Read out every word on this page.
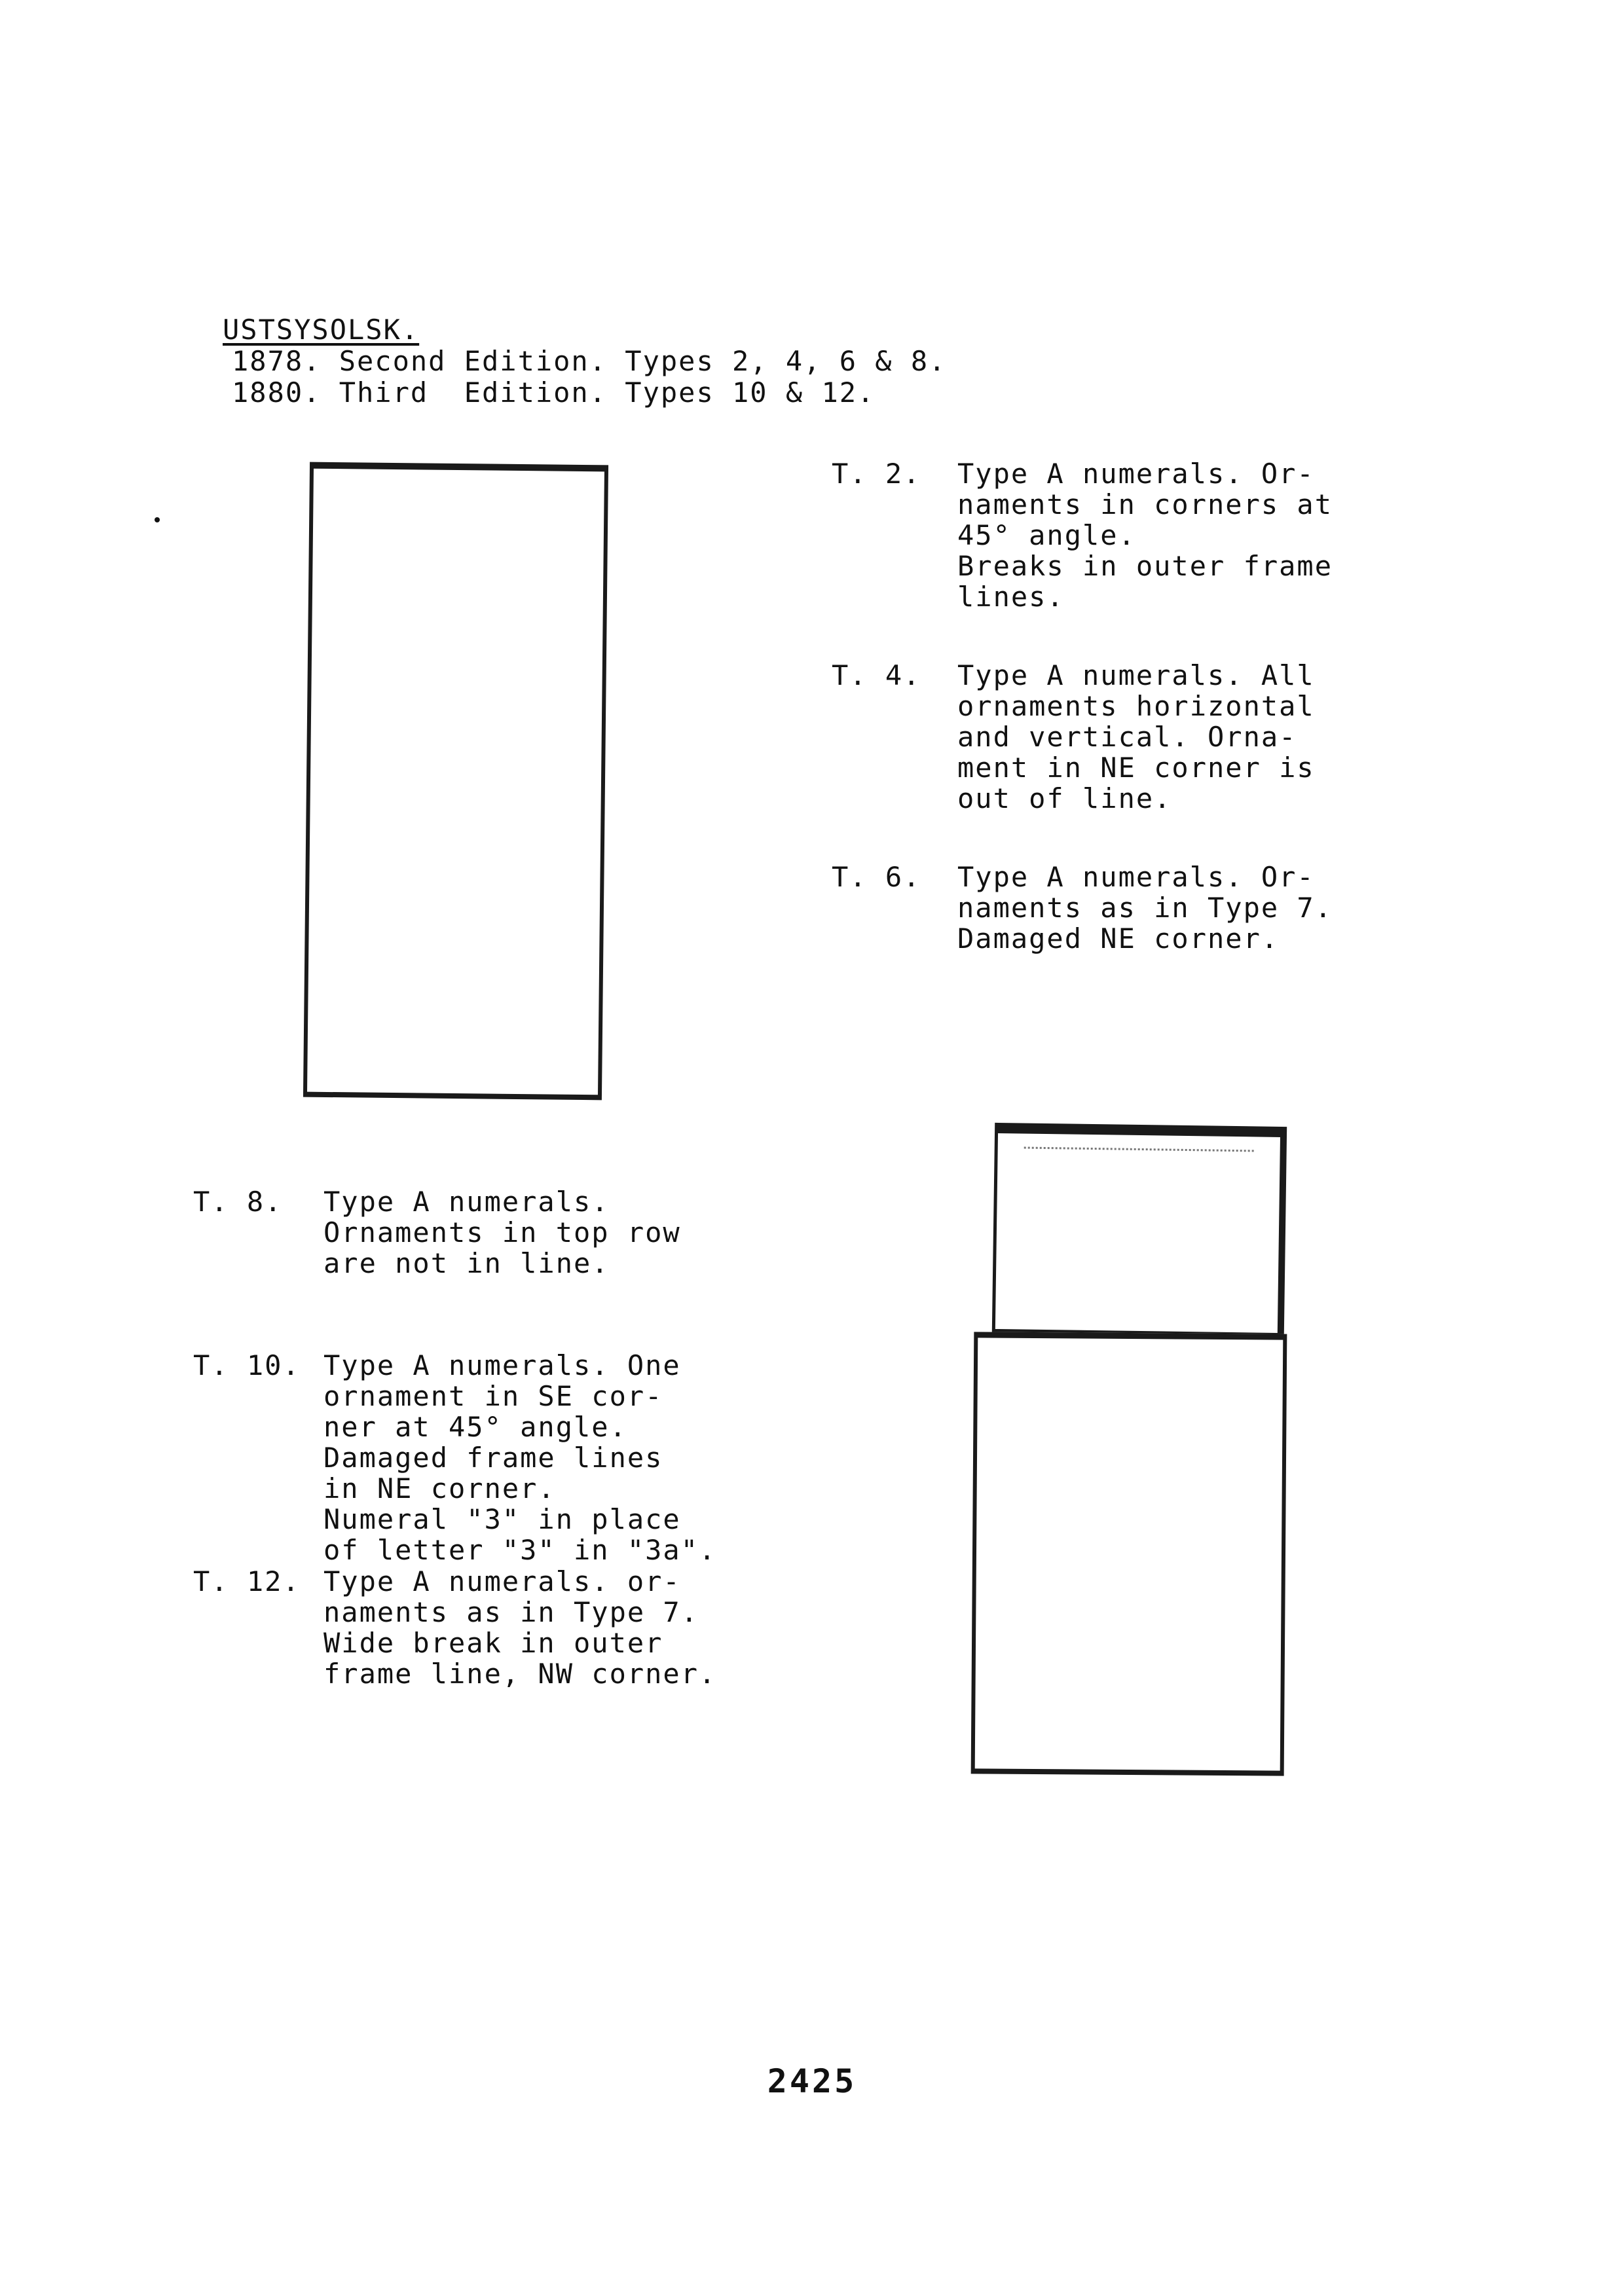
USTSYSOLSK.
1878. Second Edition. Types 2, 4, 6 & 8.
1880. Third  Edition. Types 10 & 12.
T. 2. Type A numerals. Or-
naments in corners at
45° angle.
Breaks in outer frame
lines.
T. 4. Type A numerals. All
ornaments horizontal
and vertical. Orna-
ment in NE corner is
out of line.
T. 6. Type A numerals. Or-
naments as in Type 7.
Damaged NE corner.
T. 8. Type A numerals.
Ornaments in top row
are not in line.
T. 10. Type A numerals. One
ornament in SE cor-
ner at 45° angle.
Damaged frame lines
in NE corner.
Numeral "3" in place
of letter "3" in "3a".
T. 12. Type A numerals. or-
naments as in Type 7.
Wide break in outer
frame line, NW corner.
2425
